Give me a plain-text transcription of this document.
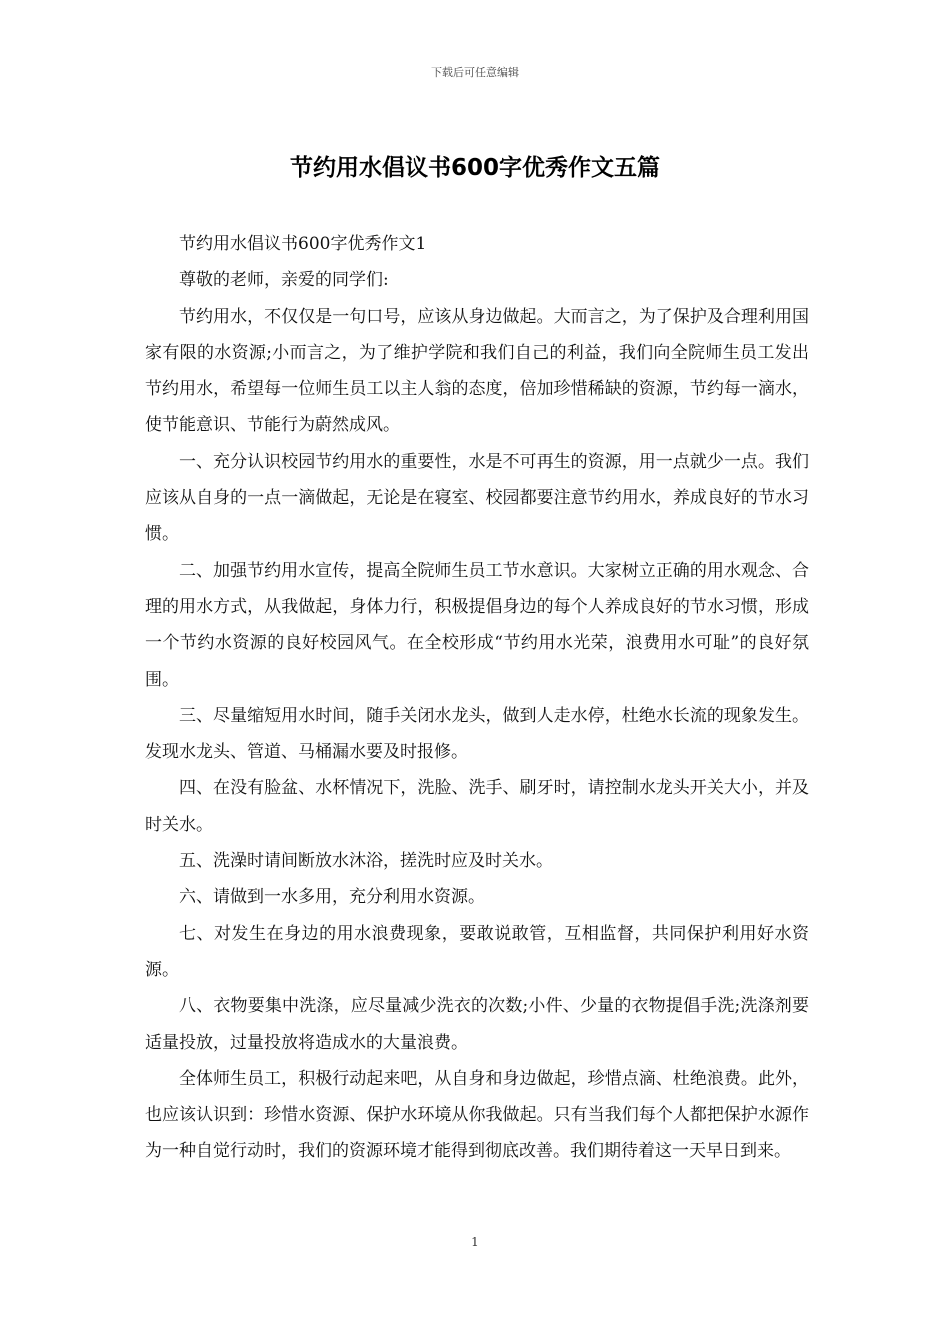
下载后可任意编辑
节约用水倡议书600字优秀作文五篇

节约用水倡议书600字优秀作文1

尊敬的老师，亲爱的同学们:

节约用水，不仅仅是一句口号，应该从身边做起。大而言之，为了保护及合理利用国家有限的水资源;小而言之，为了维护学院和我们自己的利益，我们向全院师生员工发出节约用水，希望每一位师生员工以主人翁的态度，倍加珍惜稀缺的资源，节约每一滴水，使节能意识、节能行为蔚然成风。

一、充分认识校园节约用水的重要性，水是不可再生的资源，用一点就少一点。我们应该从自身的一点一滴做起，无论是在寝室、校园都要注意节约用水，养成良好的节水习惯。

二、加强节约用水宣传，提高全院师生员工节水意识。大家树立正确的用水观念、合理的用水方式，从我做起，身体力行，积极提倡身边的每个人养成良好的节水习惯，形成一个节约水资源的良好校园风气。在全校形成“节约用水光荣，浪费用水可耻”的良好氛围。

三、尽量缩短用水时间，随手关闭水龙头，做到人走水停，杜绝水长流的现象发生。发现水龙头、管道、马桶漏水要及时报修。

四、在没有脸盆、水杯情况下，洗脸、洗手、刷牙时，请控制水龙头开关大小，并及时关水。

五、洗澡时请间断放水沐浴，搓洗时应及时关水。

六、请做到一水多用，充分利用水资源。

七、对发生在身边的用水浪费现象，要敢说敢管，互相监督，共同保护利用好水资源。

八、衣物要集中洗涤，应尽量减少洗衣的次数;小件、少量的衣物提倡手洗;洗涤剂要适量投放，过量投放将造成水的大量浪费。

全体师生员工，积极行动起来吧，从自身和身边做起，珍惜点滴、杜绝浪费。此外，也应该认识到：珍惜水资源、保护水环境从你我做起。只有当我们每个人都把保护水源作为一种自觉行动时，我们的资源环境才能得到彻底改善。我们期待着这一天早日到来。

1
